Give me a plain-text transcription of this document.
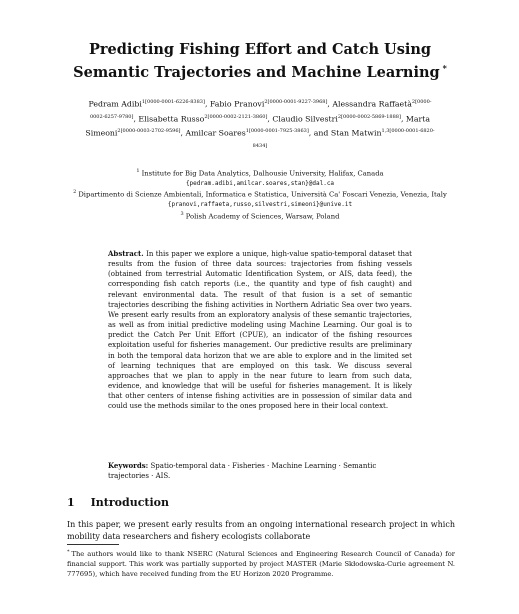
Predicting Fishing Effort and Catch Using
Semantic Trajectories and Machine Learning *
Pedram Adibi$^{1[0000-0001-6226-8383]}$, Fabio Pranovi$^{2[0000-0001-9227-3968]}$, Alessandra Raffaetà$^{2[0000-0002-6257-9780]}$, Elisabetta Russo$^{2[0000-0002-2121-3860]}$, Claudio Silvestri$^{2[0000-0002-5869-1888]}$, Marta Simeoni$^{2[0000-0003-2702-9596]}$, Amilcar Soares$^{1[0000-0001-7925-3863]}$, and Stan Matwin$^{1,3[0000-0001-6820-8434]}$
$^1$ Institute for Big Data Analytics, Dalhousie University, Halifax, Canada
{pedram.adibi,amilcar.soares,stan}@dal.ca
$^2$ Dipartimento di Scienze Ambientali, Informatica e Statistica, Università Ca' Foscari Venezia, Venezia, Italy {pranovi,raffaeta,russo,silvestri,simeoni}@unive.it
$^3$ Polish Academy of Sciences, Warsaw, Poland
Abstract. In this paper we explore a unique, high-value spatio-temporal dataset that results from the fusion of three data sources: trajectories from fishing vessels (obtained from terrestrial Automatic Identification System, or AIS, data feed), the corresponding fish catch reports (i.e., the quantity and type of fish caught) and relevant environmental data. The result of that fusion is a set of semantic trajectories describing the fishing activities in Northern Adriatic Sea over two years. We present early results from an exploratory analysis of these semantic trajectories, as well as from initial predictive modeling using Machine Learning. Our goal is to predict the Catch Per Unit Effort (CPUE), an indicator of the fishing resources exploitation useful for fisheries management. Our predictive results are preliminary in both the temporal data horizon that we are able to explore and in the limited set of learning techniques that are employed on this task. We discuss several approaches that we plan to apply in the near future to learn from such data, evidence, and knowledge that will be useful for fisheries management. It is likely that other centers of intense fishing activities are in possession of similar data and could use the methods similar to the ones proposed here in their local context.
Keywords: Spatio-temporal data · Fisheries · Machine Learning · Semantic trajectories · AIS.
1 Introduction
In this paper, we present early results from an ongoing international research project in which mobility data researchers and fishery ecologists collaborate
* The authors would like to thank NSERC (Natural Sciences and Engineering Research Council of Canada) for financial support. This work was partially supported by project MASTER (Marie Skłodowska-Curie agreement N. 777695), which have received funding from the EU Horizon 2020 Programme.
